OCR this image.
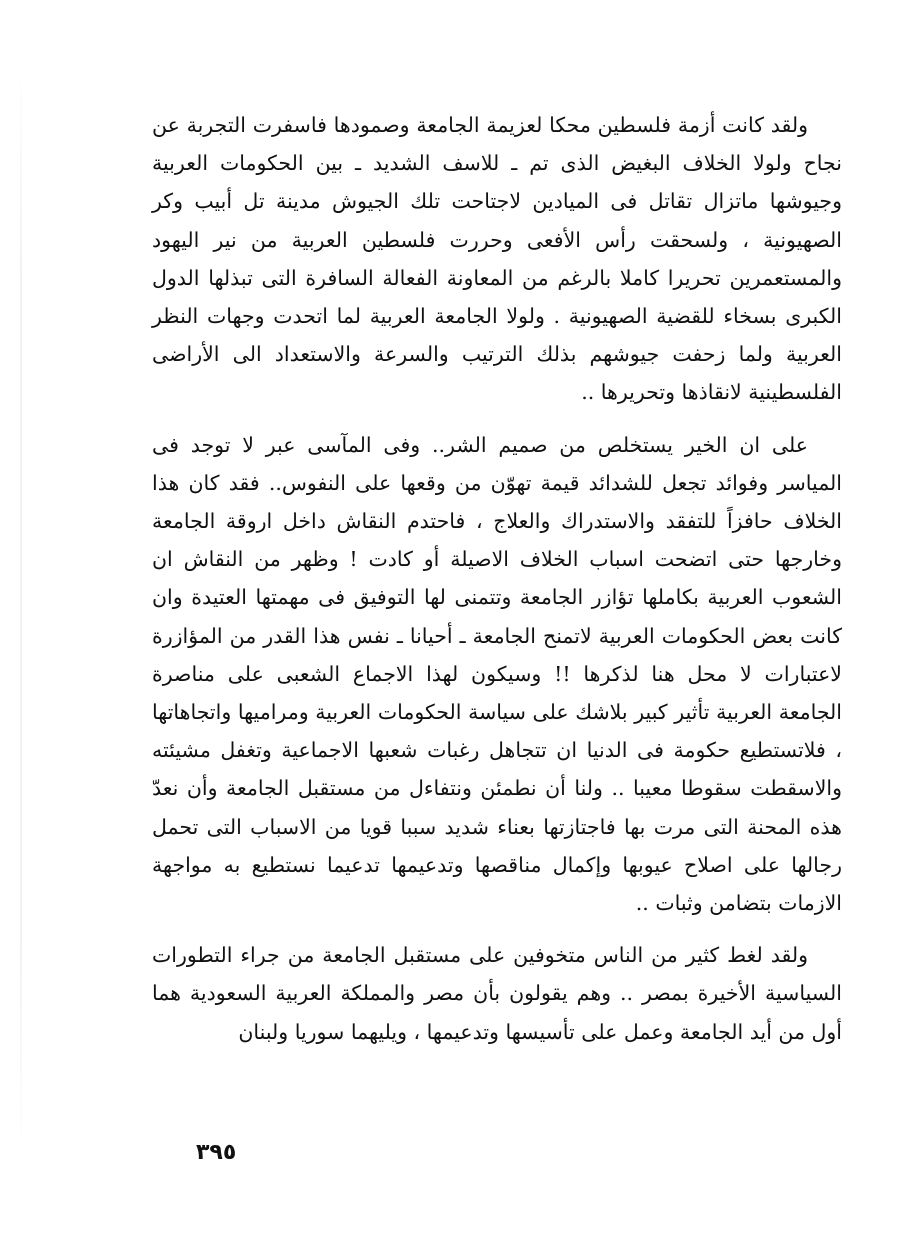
ولقد كانت أزمة فلسطين محكا لعزيمة الجامعة وصمودها فاسفرت التجربة عن نجاح ولولا الخلاف البغيض الذى تم ـ للاسف الشديد ـ بين الحكومات العربية وجيوشها ماتزال تقاتل فى الميادين لاجتاحت تلك الجيوش مدينة تل أبيب وكر الصهيونية ، ولسحقت رأس الأفعى وحررت فلسطين العربية من نير اليهود والمستعمرين تحريرا كاملا بالرغم من المعاونة الفعالة السافرة التى تبذلها الدول الكبرى بسخاء للقضية الصهيونية . ولولا الجامعة العربية لما اتحدت وجهات النظر العربية ولما زحفت جيوشهم بذلك الترتيب والسرعة والاستعداد الى الأراضى الفلسطينية لانقاذها وتحريرها ..

على ان الخير يستخلص من صميم الشر.. وفى المآسى عبر لا توجد فى المياسر وفوائد تجعل للشدائد قيمة تهوّن من وقعها على النفوس.. فقد كان هذا الخلاف حافزاً للتفقد والاستدراك والعلاج ، فاحتدم النقاش داخل اروقة الجامعة وخارجها حتى اتضحت اسباب الخلاف الاصيلة أو كادت ! وظهر من النقاش ان الشعوب العربية بكاملها تؤازر الجامعة وتتمنى لها التوفيق فى مهمتها العتيدة وان كانت بعض الحكومات العربية لاتمنح الجامعة ـ أحيانا ـ نفس هذا القدر من المؤازرة لاعتبارات لا محل هنا لذكرها !! وسيكون لهذا الاجماع الشعبى على مناصرة الجامعة العربية تأثير كبير بلاشك على سياسة الحكومات العربية ومراميها واتجاهاتها ، فلاتستطيع حكومة فى الدنيا ان تتجاهل رغبات شعبها الاجماعية وتغفل مشيئته والاسقطت سقوطا معيبا .. ولنا أن نطمئن ونتفاءل من مستقبل الجامعة وأن نعدّ هذه المحنة التى مرت بها فاجتازتها بعناء شديد سببا قويا من الاسباب التى تحمل رجالها على اصلاح عيوبها وإكمال مناقصها وتدعيمها تدعيما نستطيع به مواجهة الازمات بتضامن وثبات ..

ولقد لغط كثير من الناس متخوفين على مستقبل الجامعة من جراء التطورات السياسية الأخيرة بمصر .. وهم يقولون بأن مصر والمملكة العربية السعودية هما أول من أيد الجامعة وعمل على تأسيسها وتدعيمها ، ويليهما سوريا ولبنان

٣٩٥
